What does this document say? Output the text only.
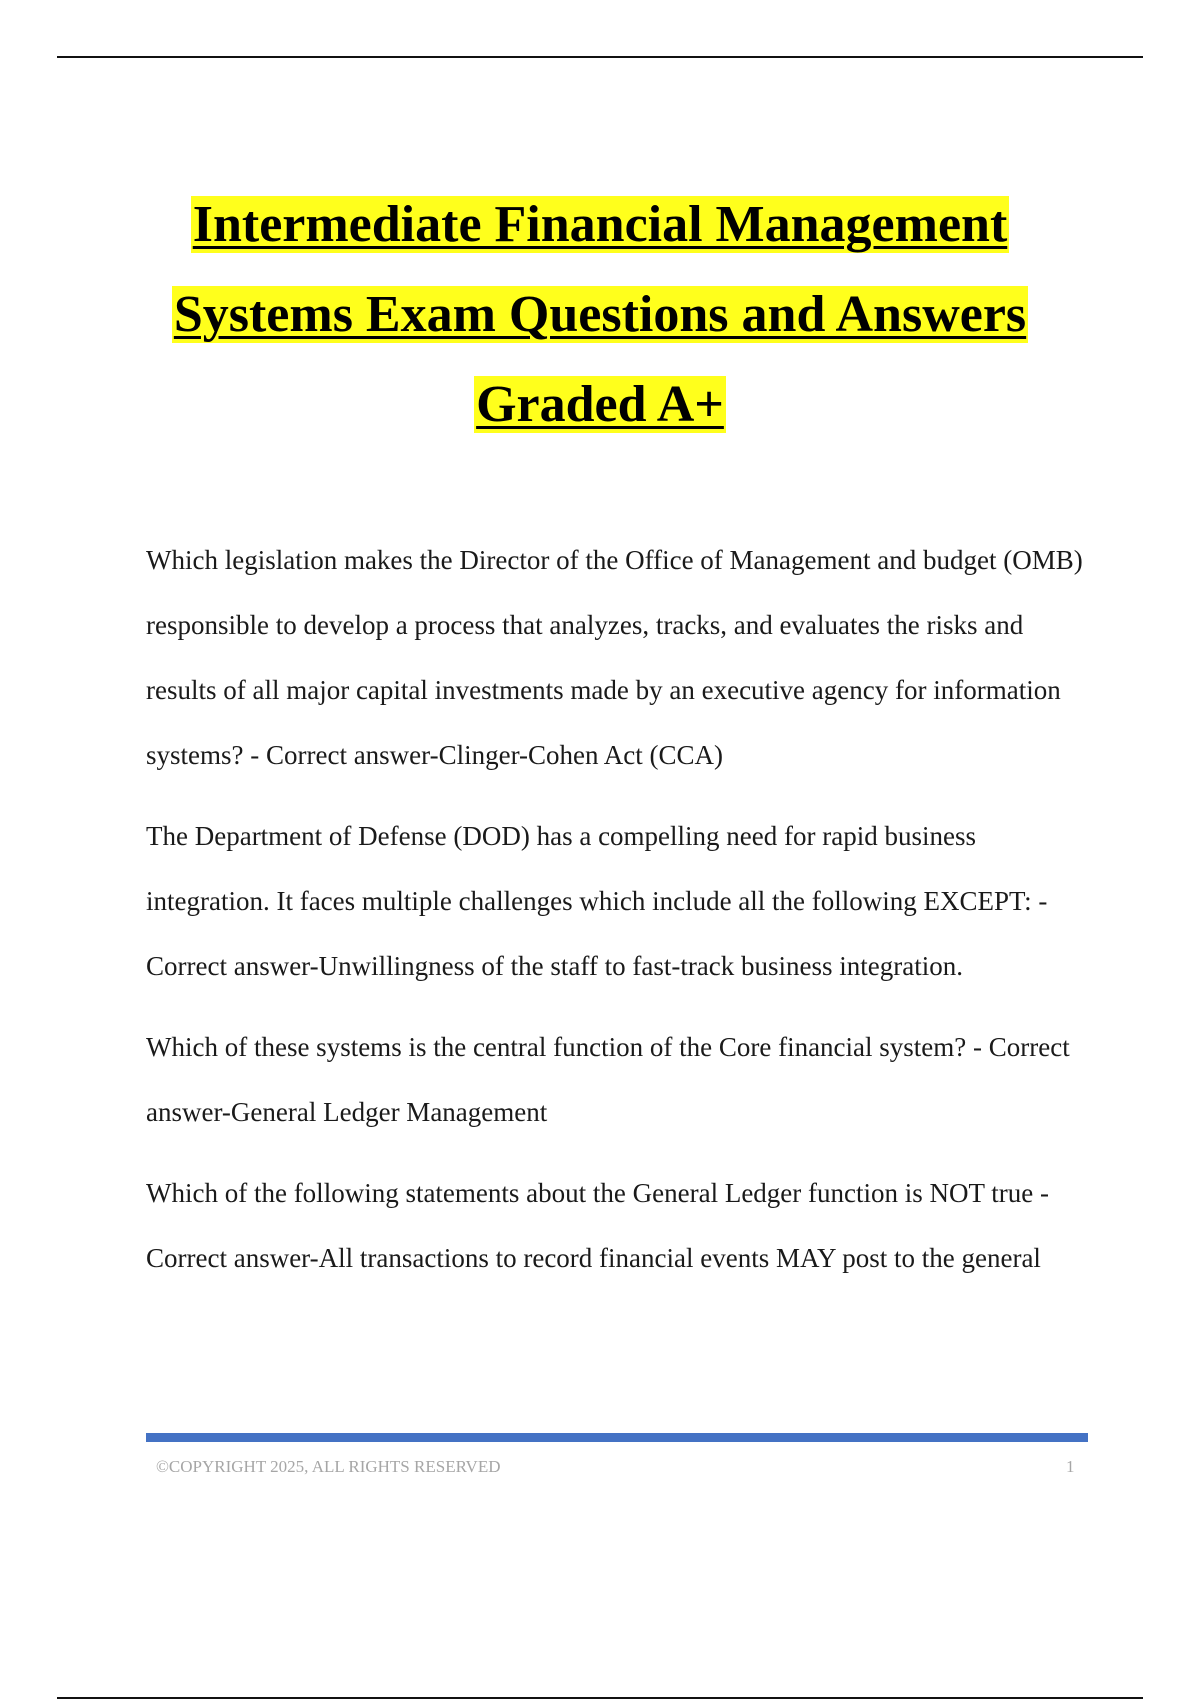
Intermediate Financial Management
Systems Exam Questions and Answers
Graded A+

Which legislation makes the Director of the Office of Management and budget (OMB) responsible to develop a process that analyzes, tracks, and evaluates the risks and results of all major capital investments made by an executive agency for information systems? - Correct answer-Clinger-Cohen Act (CCA)

The Department of Defense (DOD) has a compelling need for rapid business integration. It faces multiple challenges which include all the following EXCEPT: - Correct answer-Unwillingness of the staff to fast-track business integration.

Which of these systems is the central function of the Core financial system? - Correct answer-General Ledger Management

Which of the following statements about the General Ledger function is NOT true - Correct answer-All transactions to record financial events MAY post to the general

©COPYRIGHT 2025, ALL RIGHTS RESERVED	1
